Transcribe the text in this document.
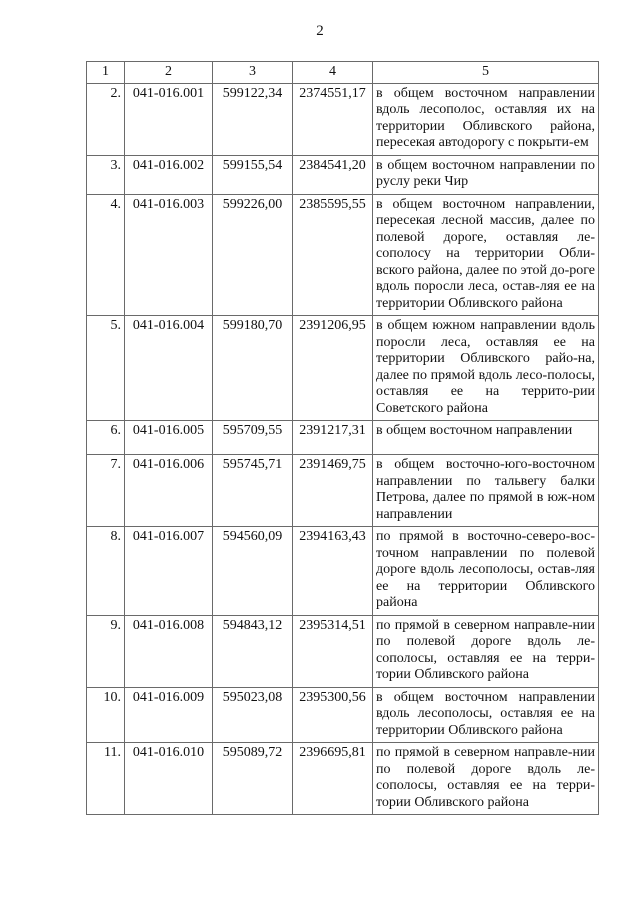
2
1	2	3	4	5
2.	041-016.001	599122,34	2374551,17	в общем восточном направлении вдоль лесополос, оставляя их на территории Обливского района, пересекая автодорогу с покрыти-ем
3.	041-016.002	599155,54	2384541,20	в общем восточном направлении по руслу реки Чир
4.	041-016.003	599226,00	2385595,55	в общем восточном направлении, пересекая лесной массив, далее по полевой дороге, оставляя ле-сополосу на территории Обли-вского района, далее по этой до-роге вдоль поросли леса, остав-ляя ее на территории Обливского района
5.	041-016.004	599180,70	2391206,95	в общем южном направлении вдоль поросли леса, оставляя ее на территории Обливского райо-на, далее по прямой вдоль лесо-полосы, оставляя ее на террито-рии Советского района
6.	041-016.005	595709,55	2391217,31	в общем восточном направлении
7.	041-016.006	595745,71	2391469,75	в общем восточно-юго-восточном направлении по тальвегу балки Петрова, далее по прямой в юж-ном направлении
8.	041-016.007	594560,09	2394163,43	по прямой в восточно-северо-вос-точном направлении по полевой дороге вдоль лесополосы, остав-ляя ее на территории Обливского района
9.	041-016.008	594843,12	2395314,51	по прямой в северном направле-нии по полевой дороге вдоль ле-сополосы, оставляя ее на терри-тории Обливского района
10.	041-016.009	595023,08	2395300,56	в общем восточном направлении вдоль лесополосы, оставляя ее на территории Обливского района
11.	041-016.010	595089,72	2396695,81	по прямой в северном направле-нии по полевой дороге вдоль ле-сополосы, оставляя ее на терри-тории Обливского района
